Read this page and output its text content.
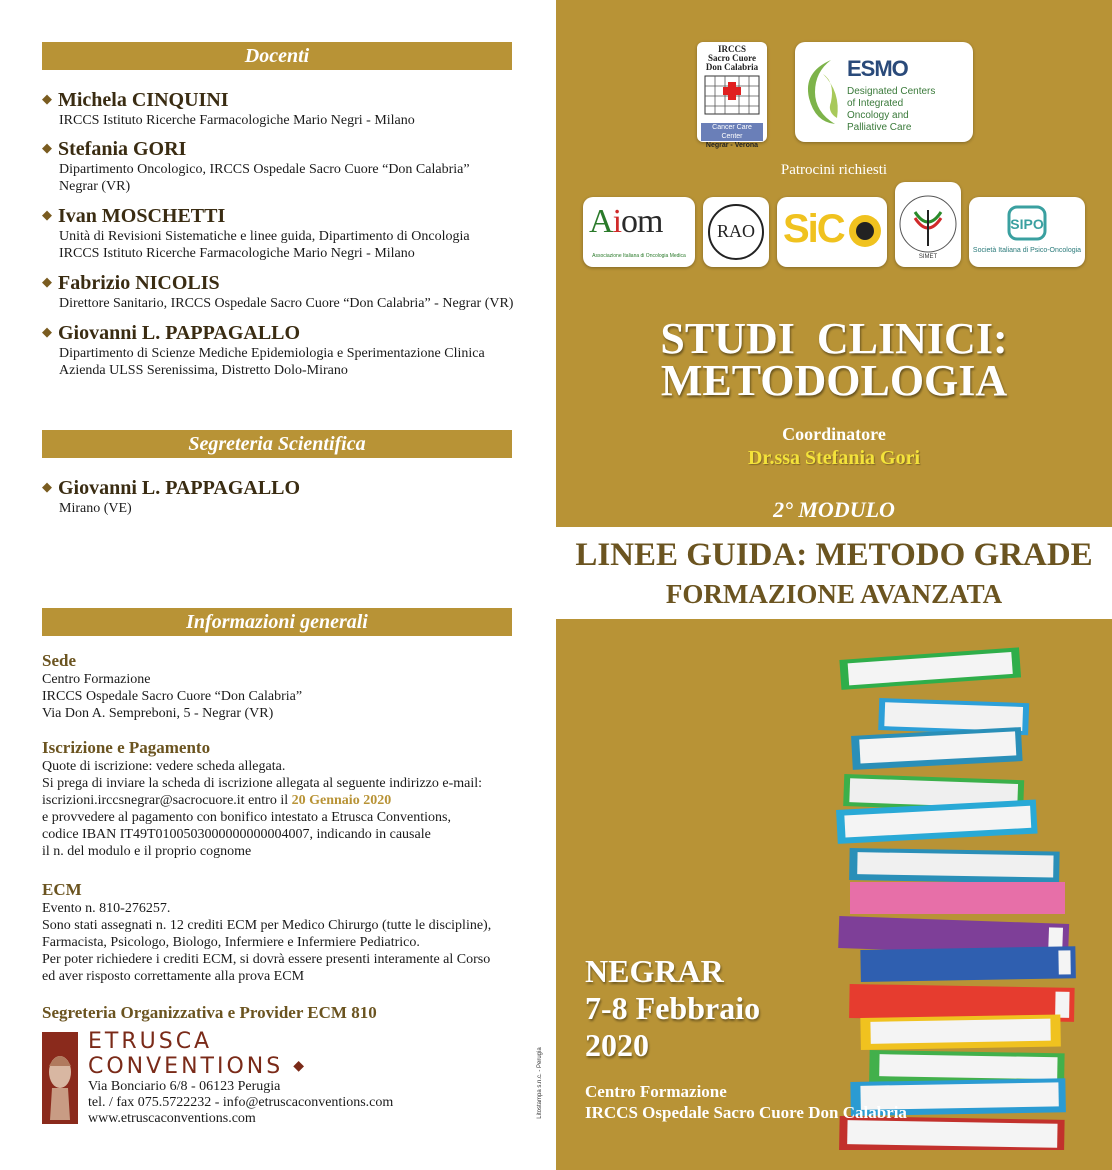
Docenti
◆ Michela CINQUINI
IRCCS Istituto Ricerche Farmacologiche Mario Negri - Milano
◆ Stefania GORI
Dipartimento Oncologico, IRCCS Ospedale Sacro Cuore “Don Calabria”
Negrar (VR)
◆ Ivan MOSCHETTI
Unità di Revisioni Sistematiche e linee guida, Dipartimento di Oncologia
IRCCS Istituto Ricerche Farmacologiche Mario Negri - Milano
◆ Fabrizio NICOLIS
Direttore Sanitario, IRCCS Ospedale Sacro Cuore “Don Calabria” - Negrar (VR)
◆ Giovanni L. PAPPAGALLO
Dipartimento di Scienze Mediche Epidemiologia e Sperimentazione Clinica
Azienda ULSS Serenissima, Distretto Dolo-Mirano
Segreteria Scientifica
◆ Giovanni L. PAPPAGALLO
Mirano (VE)
Informazioni generali
Sede
Centro Formazione
IRCCS Ospedale Sacro Cuore “Don Calabria”
Via Don A. Sempreboni, 5 - Negrar (VR)
Iscrizione e Pagamento
Quote di iscrizione: vedere scheda allegata.
Si prega di inviare la scheda di iscrizione allegata al seguente indirizzo e-mail:
iscrizioni.irccsnegrar@sacrocuore.it entro il 20 Gennaio 2020
e provvedere al pagamento con bonifico intestato a Etrusca Conventions,
codice IBAN IT49T0100503000000000004007, indicando in causale
il n. del modulo e il proprio cognome
ECM
Evento n. 810-276257.
Sono stati assegnati n. 12 crediti ECM per Medico Chirurgo (tutte le discipline),
Farmacista, Psicologo, Biologo, Infermiere e Infermiere Pediatrico.
Per poter richiedere i crediti ECM, si dovrà essere presenti interamente al Corso
ed aver risposto correttamente alla prova ECM
Segreteria Organizzativa e Provider ECM 810
ETRUSCA
CONVENTIONS ◆
Via Bonciario 6/8 - 06123 Perugia
tel. / fax 075.5722232 - info@etruscaconventions.com
www.etruscaconventions.com	Litostampa s.n.c. - Perugia
IRCCS
Sacro Cuore
Don Calabria
Cancer Care Center
Negrar - Verona
ESMO
Designated Centers
of Integrated
Oncology and
Palliative Care
Patrocini richiesti
Aiom
Associazione Italiana di Oncologia Medica
RAO SiC
SIMET
SIPO
Società Italiana di Psico-Oncologia
STUDI  CLINICI:
METODOLOGIA
Coordinatore
Dr.ssa Stefania Gori
2° MODULO
LINEE GUIDA: METODO GRADE
FORMAZIONE AVANZATA
NEGRAR
7-8 Febbraio
2020
Centro Formazione
IRCCS Ospedale Sacro Cuore Don Calabria
